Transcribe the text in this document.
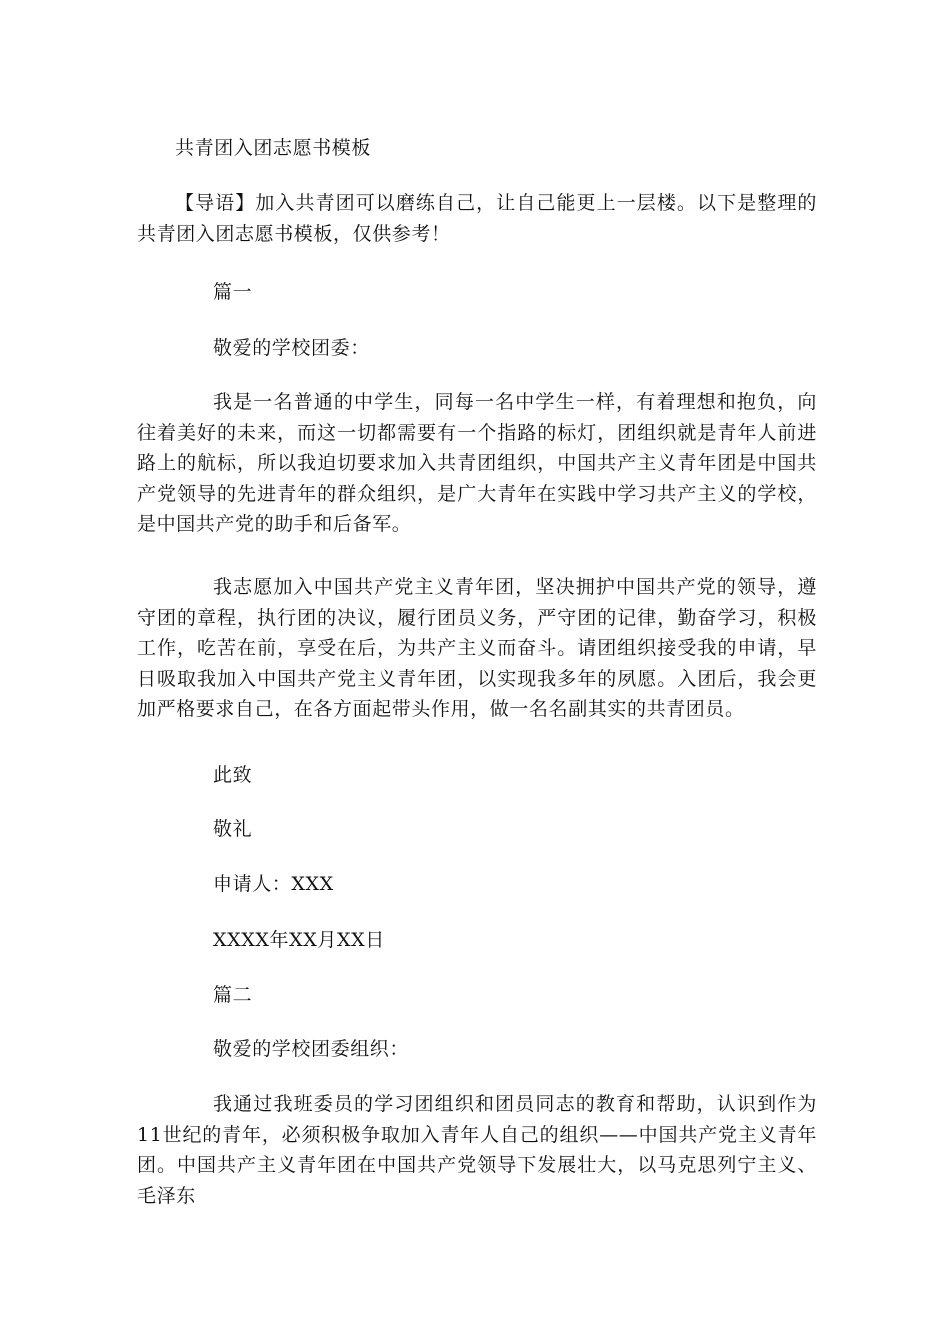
共青团入团志愿书模板
【导语】加入共青团可以磨练自己，让自己能更上一层楼。以下是整理的共青团入团志愿书模板，仅供参考！
篇一
敬爱的学校团委：
我是一名普通的中学生，同每一名中学生一样，有着理想和抱负，向往着美好的未来，而这一切都需要有一个指路的标灯，团组织就是青年人前进路上的航标，所以我迫切要求加入共青团组织，中国共产主义青年团是中国共产党领导的先进青年的群众组织，是广大青年在实践中学习共产主义的学校，是中国共产党的助手和后备军。
我志愿加入中国共产党主义青年团，坚决拥护中国共产党的领导，遵守团的章程，执行团的决议，履行团员义务，严守团的记律，勤奋学习，积极工作，吃苦在前，享受在后，为共产主义而奋斗。请团组织接受我的申请，早日吸取我加入中国共产党主义青年团，以实现我多年的夙愿。入团后，我会更加严格要求自己，在各方面起带头作用，做一名名副其实的共青团员。
此致
敬礼
申请人：XXX
XXXX年XX月XX日
篇二
敬爱的学校团委组织：
我通过我班委员的学习团组织和团员同志的教育和帮助，认识到作为11世纪的青年，必须积极争取加入青年人自己的组织——中国共产党主义青年团。中国共产主义青年团在中国共产党领导下发展壮大，以马克思列宁主义、毛泽东
